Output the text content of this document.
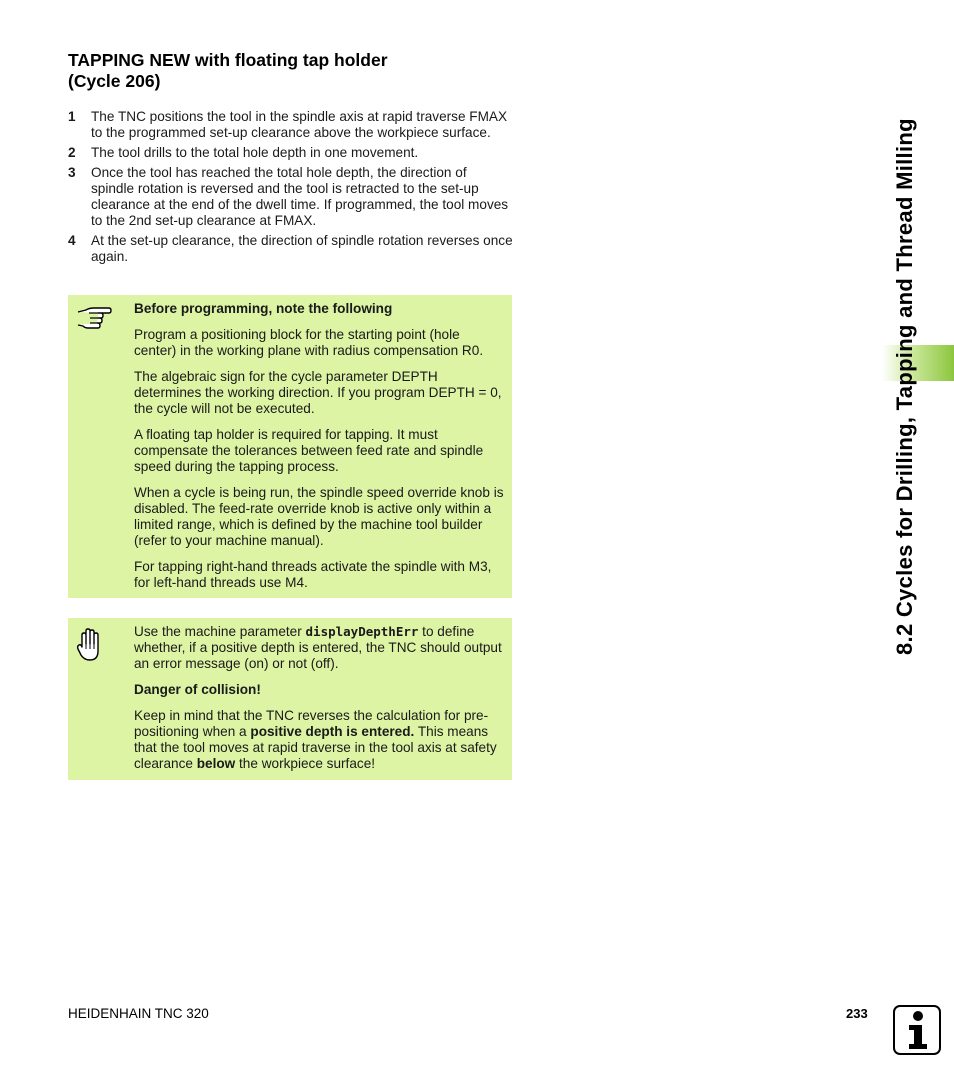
TAPPING NEW with floating tap holder
(Cycle 206)
1	The TNC positions the tool in the spindle axis at rapid traverse FMAX to the programmed set-up clearance above the workpiece surface.
2	The tool drills to the total hole depth in one movement.
3	Once the tool has reached the total hole depth, the direction of spindle rotation is reversed and the tool is retracted to the set-up clearance at the end of the dwell time. If programmed, the tool moves to the 2nd set-up clearance at FMAX.
4	At the set-up clearance, the direction of spindle rotation reverses once again.

Before programming, note the following

Program a positioning block for the starting point (hole center) in the working plane with radius compensation R0.

The algebraic sign for the cycle parameter DEPTH determines the working direction. If you program DEPTH = 0, the cycle will not be executed.

A floating tap holder is required for tapping. It must compensate the tolerances between feed rate and spindle speed during the tapping process.

When a cycle is being run, the spindle speed override knob is disabled. The feed-rate override knob is active only within a limited range, which is defined by the machine tool builder (refer to your machine manual).

For tapping right-hand threads activate the spindle with M3, for left-hand threads use M4.

Use the machine parameter displayDepthErr to define whether, if a positive depth is entered, the TNC should output an error message (on) or not (off).

Danger of collision!

Keep in mind that the TNC reverses the calculation for pre-positioning when a positive depth is entered. This means that the tool moves at rapid traverse in the tool axis at safety clearance below the workpiece surface!

8.2 Cycles for Drilling, Tapping and Thread Milling
HEIDENHAIN TNC 320	233
